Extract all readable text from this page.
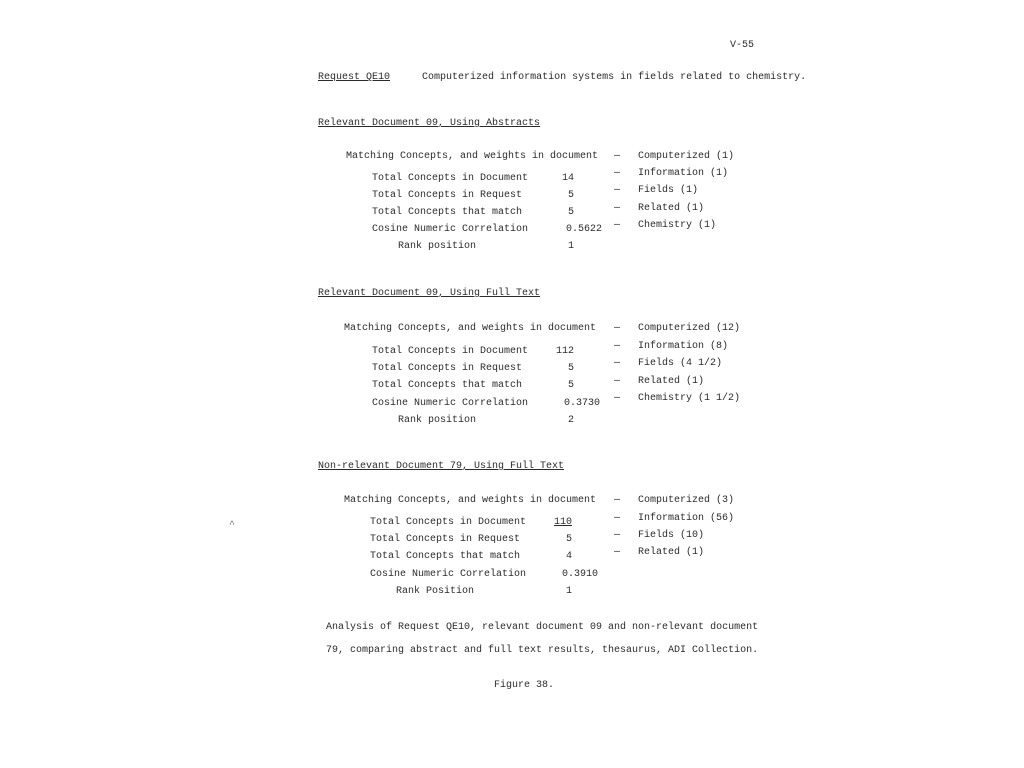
V-55
Request QE10	Computerized information systems in fields related to chemistry.
Relevant Document 09, Using Abstracts
Matching Concepts, and weights in document
Total Concepts in Document	14
Total Concepts in Request	5
Total Concepts that match	5
Cosine Numeric Correlation	0.5622
Rank position	1
— Computerized (1)
— Information (1)
— Fields (1)
— Related (1)
— Chemistry (1)
Relevant Document 09, Using Full Text
Matching Concepts, and weights in document
Total Concepts in Document	112
Total Concepts in Request	5
Total Concepts that match	5
Cosine Numeric Correlation	0.3730
Rank position	2
— Computerized (12)
— Information (8)
— Fields (4 1/2)
— Related (1)
— Chemistry (1 1/2)
Non-relevant Document 79, Using Full Text
Matching Concepts, and weights in document
Total Concepts in Document	110
Total Concepts in Request	5
Total Concepts that match	4
Cosine Numeric Correlation	0.3910
Rank Position	1
— Computerized (3)
— Information (56)
— Fields (10)
— Related (1)
^
Analysis of Request QE10, relevant document 09 and non-relevant document
79, comparing abstract and full text results, thesaurus, ADI Collection.
Figure 38.
